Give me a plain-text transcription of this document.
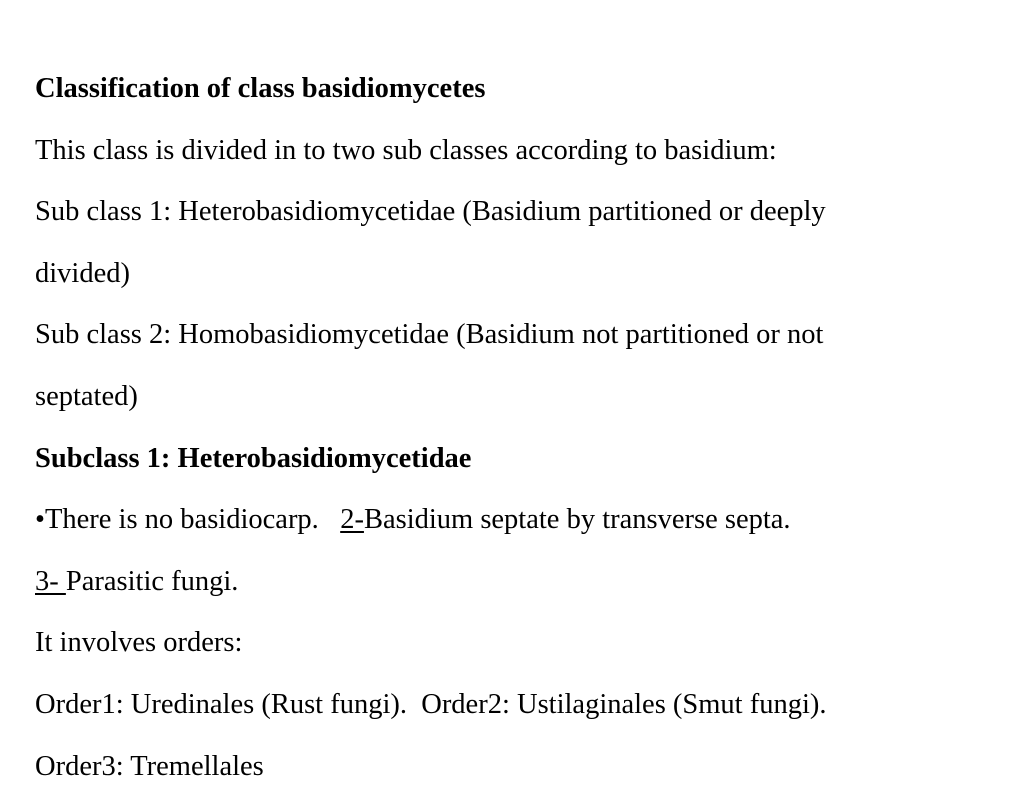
Classification of class basidiomycetes
This class is divided in to two sub classes according to basidium:
Sub class 1: Heterobasidiomycetidae (Basidium partitioned or deeply
divided)
Sub class 2: Homobasidiomycetidae (Basidium not partitioned or not
septated)
Subclass 1: Heterobasidiomycetidae
•There is no basidiocarp.   2-Basidium septate by transverse septa.
3- Parasitic fungi.
It involves orders:
Order1: Uredinales (Rust fungi).  Order2: Ustilaginales (Smut fungi).
Order3: Tremellales
